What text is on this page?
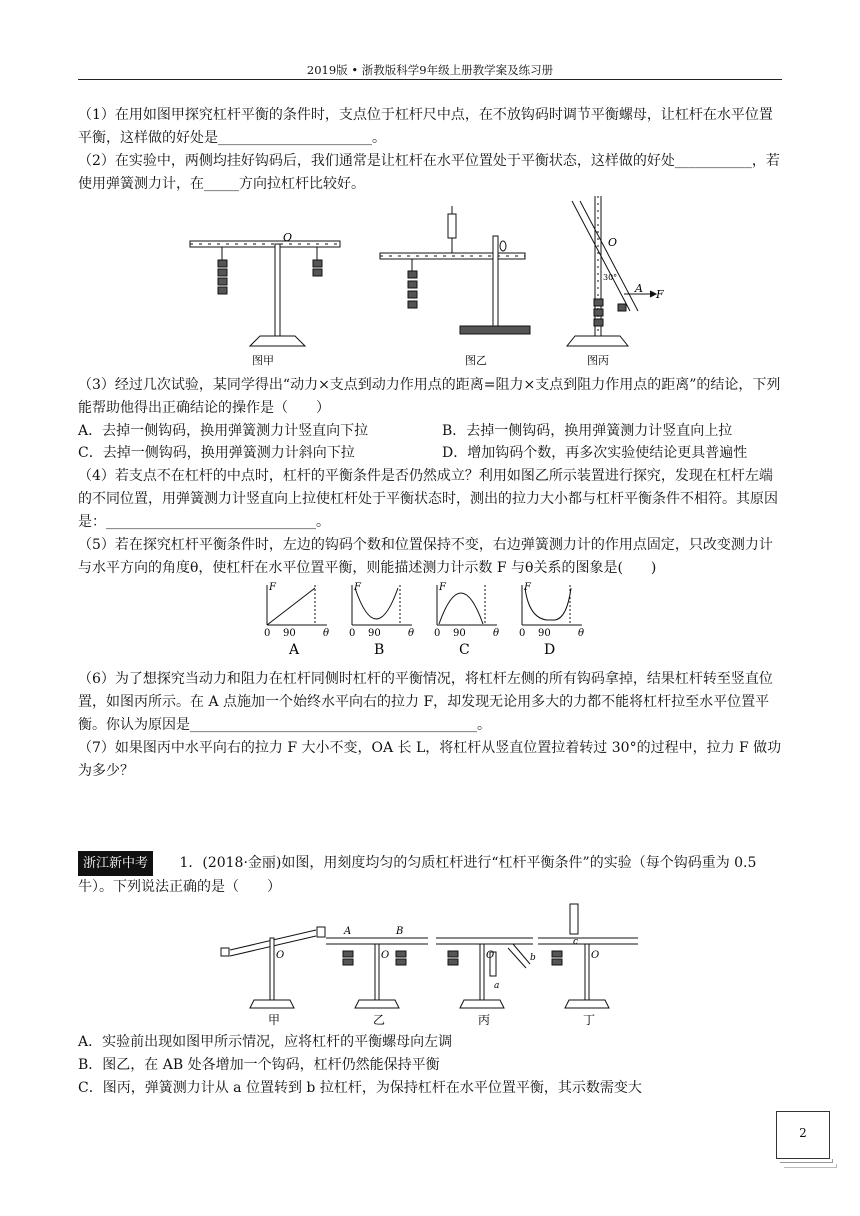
2019版 • 浙教版科学9年级上册教学案及练习册

（1）在用如图甲探究杠杆平衡的条件时，支点位于杠杆尺中点，在不放钩码时调节平衡螺母，让杠杆在水平位置平衡，这样做的好处是______________________。

（2）在实验中，两侧均挂好钩码后，我们通常是让杠杆在水平位置处于平衡状态，这样做的好处___________，若使用弹簧测力计，在_____方向拉杠杆比较好。

O
图甲	图乙
O
30°
A F
图丙

（3）经过几次试验，某同学得出“动力×支点到动力作用点的距离=阻力×支点到阻力作用点的距离”的结论，下列能帮助他得出正确结论的操作是（　　）

A．去掉一侧钩码，换用弹簧测力计竖直向下拉	B．去掉一侧钩码，换用弹簧测力计竖直向上拉
C．去掉一侧钩码，换用弹簧测力计斜向下拉	D．增加钩码个数，再多次实验使结论更具普遍性

（4）若支点不在杠杆的中点时，杠杆的平衡条件是否仍然成立？利用如图乙所示装置进行探究，发现在杠杆左端的不同位置，用弹簧测力计竖直向上拉使杠杆处于平衡状态时，测出的拉力大小都与杠杆平衡条件不相符。其原因是：______________________________。

（5）若在探究杠杆平衡条件时，左边的钩码个数和位置保持不变，右边弹簧测力计的作用点固定，只改变测力计与水平方向的角度θ，使杠杆在水平位置平衡，则能描述测力计示数 F 与θ关系的图象是(　　)

F
0 90	θ
A
F
0 90	θ
B
F
0 90	θ
C
F
0 90	θ
D

（6）为了想探究当动力和阻力在杠杆同侧时杠杆的平衡情况，将杠杆左侧的所有钩码拿掉，结果杠杆转至竖直位置，如图丙所示。在 A 点施加一个始终水平向右的拉力 F，却发现无论用多大的力都不能将杠杆拉至水平位置平衡。你认为原因是_________________________________________。

（7）如果图丙中水平向右的拉力 F 大小不变，OA 长 L，将杠杆从竖直位置拉着转过 30°的过程中，拉力 F 做功为多少？

浙江新中考 1．(2018·金丽)如图，用刻度均匀的匀质杠杆进行“杠杆平衡条件”的实验（每个钩码重为 0.5 牛）。下列说法正确的是（　　）
O
甲
A	B
O
乙
O
a
b
丙
c
O
丁
A．实验前出现如图甲所示情况，应将杠杆的平衡螺母向左调
B．图乙，在 AB 处各增加一个钩码，杠杆仍然能保持平衡
C．图丙，弹簧测力计从 a 位置转到 b 拉杠杆，为保持杠杆在水平位置平衡，其示数需变大
2
